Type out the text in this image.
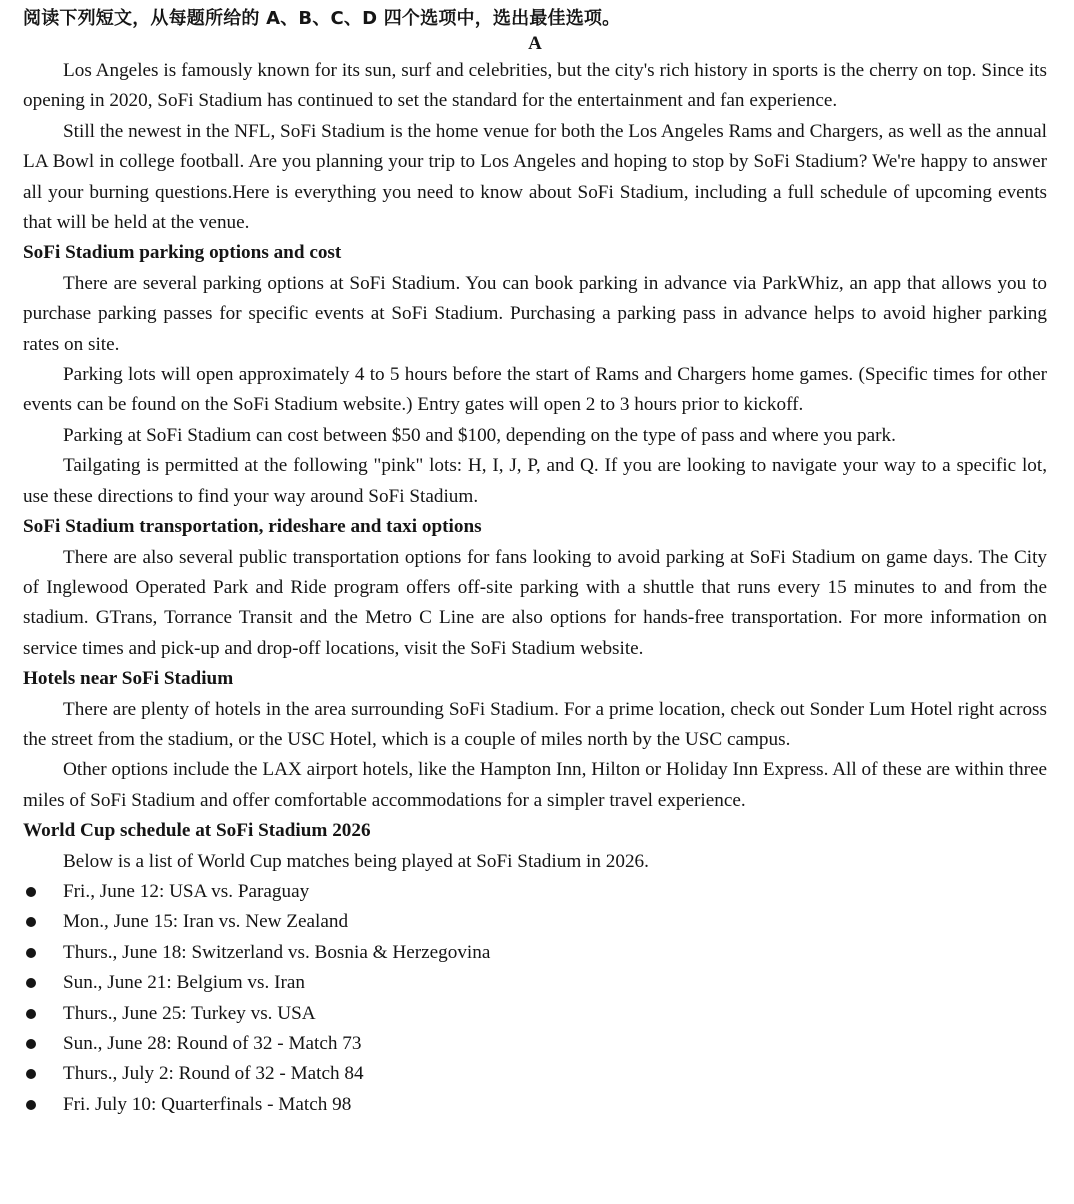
阅读下列短文，从每题所给的 A、B、C、D 四个选项中，选出最佳选项。
A

Los Angeles is famously known for its sun, surf and celebrities, but the city's rich history in sports is the cherry on top. Since its opening in 2020, SoFi Stadium has continued to set the standard for the entertainment and fan experience.

Still the newest in the NFL, SoFi Stadium is the home venue for both the Los Angeles Rams and Chargers, as well as the annual LA Bowl in college football. Are you planning your trip to Los Angeles and hoping to stop by SoFi Stadium? We're happy to answer all your burning questions.Here is everything you need to know about SoFi Stadium, including a full schedule of upcoming events that will be held at the venue.

SoFi Stadium parking options and cost

There are several parking options at SoFi Stadium. You can book parking in advance via ParkWhiz, an app that allows you to purchase parking passes for specific events at SoFi Stadium. Purchasing a parking pass in advance helps to avoid higher parking rates on site.

Parking lots will open approximately 4 to 5 hours before the start of Rams and Chargers home games. (Specific times for other events can be found on the SoFi Stadium website.) Entry gates will open 2 to 3 hours prior to kickoff.

Parking at SoFi Stadium can cost between $50 and $100, depending on the type of pass and where you park.

Tailgating is permitted at the following "pink" lots: H, I, J, P, and Q. If you are looking to navigate your way to a specific lot, use these directions to find your way around SoFi Stadium.

SoFi Stadium transportation, rideshare and taxi options

There are also several public transportation options for fans looking to avoid parking at SoFi Stadium on game days. The City of Inglewood Operated Park and Ride program offers off-site parking with a shuttle that runs every 15 minutes to and from the stadium. GTrans, Torrance Transit and the Metro C Line are also options for hands-free transportation. For more information on service times and pick-up and drop-off locations, visit the SoFi Stadium website.

Hotels near SoFi Stadium

There are plenty of hotels in the area surrounding SoFi Stadium. For a prime location, check out Sonder Lum Hotel right across the street from the stadium, or the USC Hotel, which is a couple of miles north by the USC campus.

Other options include the LAX airport hotels, like the Hampton Inn, Hilton or Holiday Inn Express. All of these are within three miles of SoFi Stadium and offer comfortable accommodations for a simpler travel experience.

World Cup schedule at SoFi Stadium 2026

Below is a list of World Cup matches being played at SoFi Stadium in 2026.

Fri., June 12: USA vs. Paraguay
Mon., June 15: Iran vs. New Zealand
Thurs., June 18: Switzerland vs. Bosnia & Herzegovina
Sun., June 21: Belgium vs. Iran
Thurs., June 25: Turkey vs. USA
Sun., June 28: Round of 32 - Match 73
Thurs., July 2: Round of 32 - Match 84
Fri. July 10: Quarterfinals - Match 98
